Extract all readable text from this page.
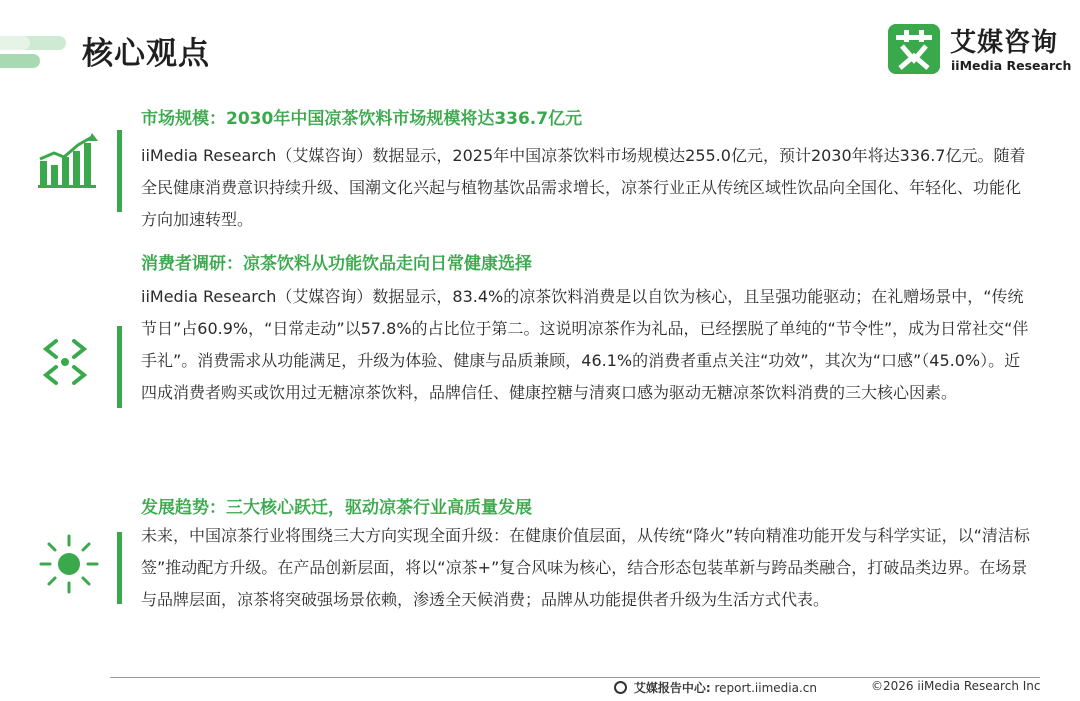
核心观点	艾媒咨询
iiMedia Research
市场规模：2030年中国凉茶饮料市场规模将达336.7亿元

iiMedia Research（艾媒咨询）数据显示，2025年中国凉茶饮料市场规模达255.0亿元，预计2030年将达336.7亿元。随着全民健康消费意识持续升级、国潮文化兴起与植物基饮品需求增长，凉茶行业正从传统区域性饮品向全国化、年轻化、功能化方向加速转型。

消费者调研：凉茶饮料从功能饮品走向日常健康选择

iiMedia Research（艾媒咨询）数据显示，83.4%的凉茶饮料消费是以自饮为核心，且呈强功能驱动；在礼赠场景中，“传统节日”占60.9%，“日常走动”以57.8%的占比位于第二。这说明凉茶作为礼品，已经摆脱了单纯的“节令性”，成为日常社交“伴手礼”。消费需求从功能满足，升级为体验、健康与品质兼顾，46.1%的消费者重点关注“功效”，其次为“口感”（45.0%）。近四成消费者购买或饮用过无糖凉茶饮料，品牌信任、健康控糖与清爽口感为驱动无糖凉茶饮料消费的三大核心因素。

发展趋势：三大核心跃迁，驱动凉茶行业高质量发展

未来，中国凉茶行业将围绕三大方向实现全面升级：在健康价值层面，从传统“降火”转向精准功能开发与科学实证，以“清洁标签”推动配方升级。在产品创新层面，将以“凉茶+”复合风味为核心，结合形态包装革新与跨品类融合，打破品类边界。在场景与品牌层面，凉茶将突破强场景依赖，渗透全天候消费；品牌从功能提供者升级为生活方式代表。

艾媒报告中心: report.iimedia.cn	©2026 iiMedia Research Inc
